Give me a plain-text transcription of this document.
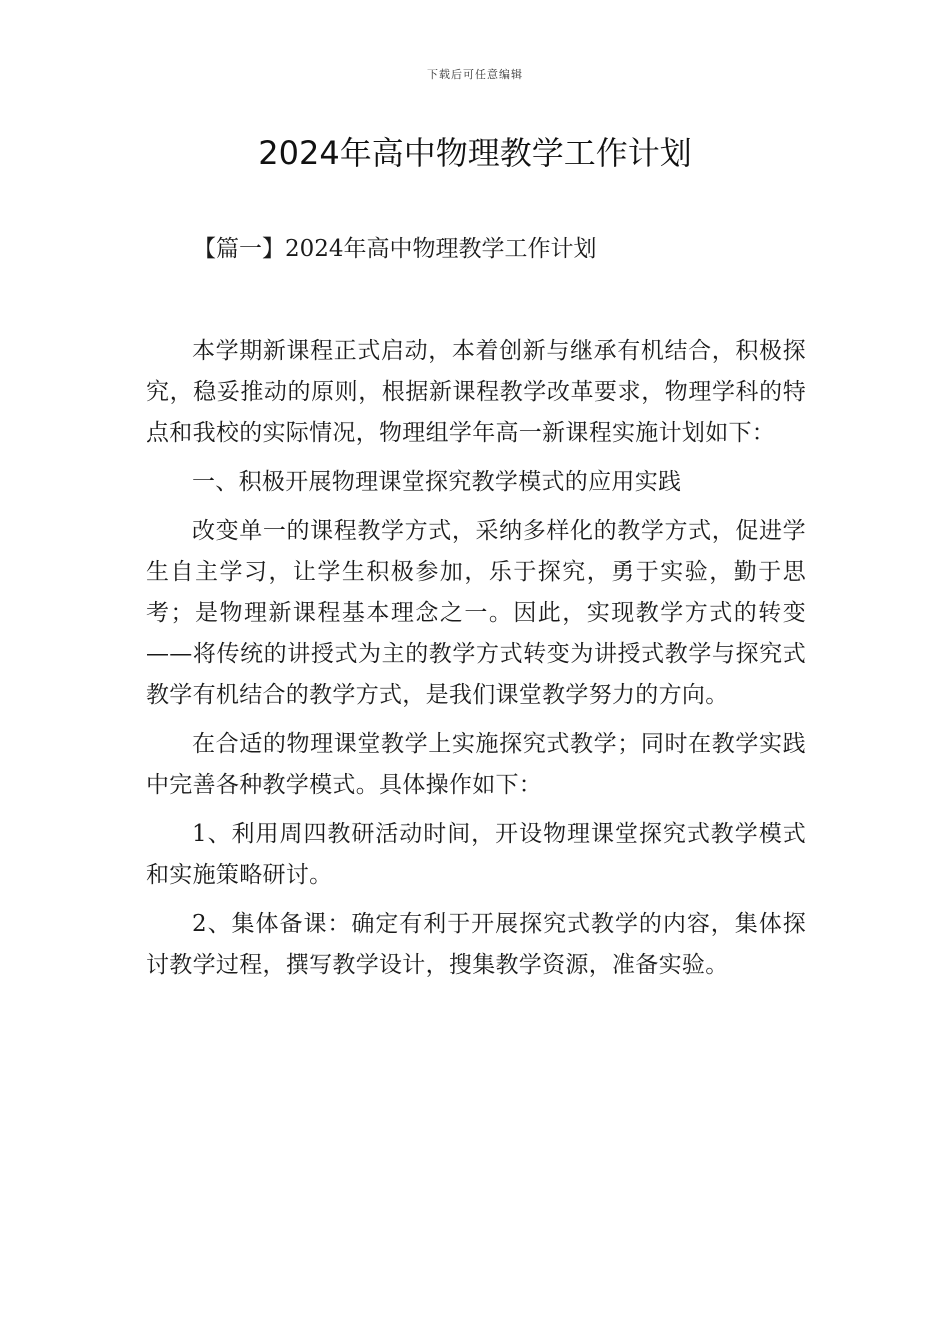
下载后可任意编辑
2024年高中物理教学工作计划
【篇一】2024年高中物理教学工作计划

本学期新课程正式启动，本着创新与继承有机结合，积极探究，稳妥推动的原则，根据新课程教学改革要求，物理学科的特点和我校的实际情况，物理组学年高一新课程实施计划如下：

一、积极开展物理课堂探究教学模式的应用实践

改变单一的课程教学方式，采纳多样化的教学方式，促进学生自主学习，让学生积极参加，乐于探究，勇于实验，勤于思考；是物理新课程基本理念之一。因此，实现教学方式的转变——将传统的讲授式为主的教学方式转变为讲授式教学与探究式教学有机结合的教学方式，是我们课堂教学努力的方向。

在合适的物理课堂教学上实施探究式教学；同时在教学实践中完善各种教学模式。具体操作如下：

1、利用周四教研活动时间，开设物理课堂探究式教学模式和实施策略研讨。

2、集体备课：确定有利于开展探究式教学的内容，集体探讨教学过程，撰写教学设计，搜集教学资源，准备实验。
